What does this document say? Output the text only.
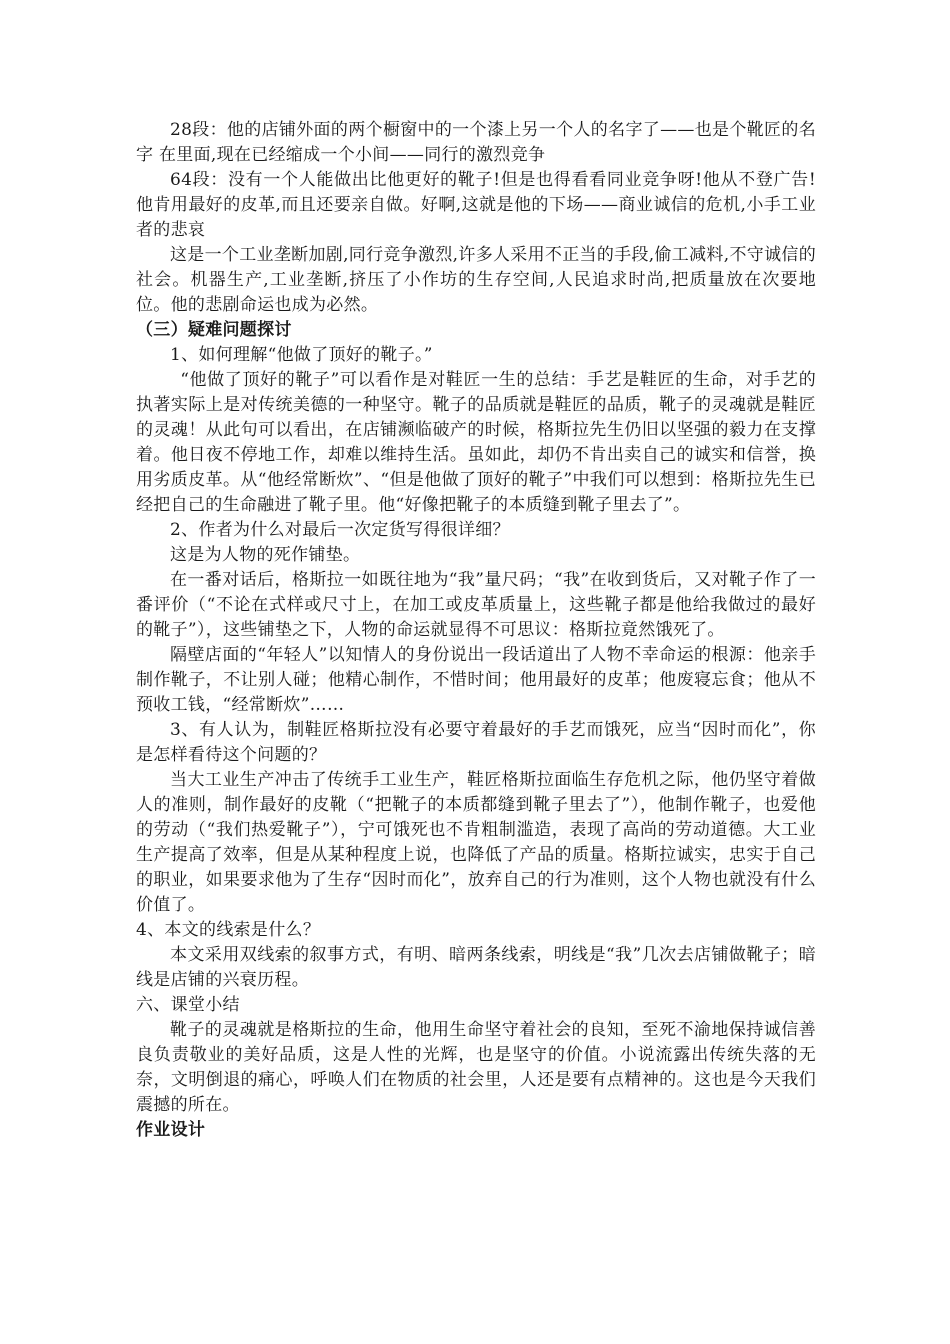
28段：他的店铺外面的两个橱窗中的一个漆上另一个人的名字了——也是个靴匠的名字 在里面,现在已经缩成一个小间——同行的激烈竞争

64段：没有一个人能做出比他更好的靴子!但是也得看看同业竞争呀!他从不登广告!他肯用最好的皮革,而且还要亲自做。好啊,这就是他的下场——商业诚信的危机,小手工业者的悲哀

这是一个工业垄断加剧,同行竞争激烈,许多人采用不正当的手段,偷工减料,不守诚信的社会。机器生产,工业垄断,挤压了小作坊的生存空间,人民追求时尚,把质量放在次要地位。他的悲剧命运也成为必然。

（三）疑难问题探讨

1、如何理解“他做了顶好的靴子。”

“他做了顶好的靴子”可以看作是对鞋匠一生的总结：手艺是鞋匠的生命，对手艺的执著实际上是对传统美德的一种坚守。靴子的品质就是鞋匠的品质，靴子的灵魂就是鞋匠的灵魂！从此句可以看出，在店铺濒临破产的时候，格斯拉先生仍旧以坚强的毅力在支撑着。他日夜不停地工作，却难以维持生活。虽如此，却仍不肯出卖自己的诚实和信誉，换用劣质皮革。从“他经常断炊”、“但是他做了顶好的靴子”中我们可以想到：格斯拉先生已经把自己的生命融进了靴子里。他“好像把靴子的本质缝到靴子里去了”。

2、作者为什么对最后一次定货写得很详细？

这是为人物的死作铺垫。

在一番对话后，格斯拉一如既往地为“我”量尺码；“我”在收到货后，又对靴子作了一番评价（“不论在式样或尺寸上，在加工或皮革质量上，这些靴子都是他给我做过的最好的靴子”），这些铺垫之下，人物的命运就显得不可思议：格斯拉竟然饿死了。

隔壁店面的“年轻人”以知情人的身份说出一段话道出了人物不幸命运的根源：他亲手制作靴子，不让别人碰；他精心制作，不惜时间；他用最好的皮革；他废寝忘食；他从不预收工钱，“经常断炊”……

3、有人认为，制鞋匠格斯拉没有必要守着最好的手艺而饿死，应当“因时而化”，你是怎样看待这个问题的？

当大工业生产冲击了传统手工业生产，鞋匠格斯拉面临生存危机之际，他仍坚守着做人的准则，制作最好的皮靴（“把靴子的本质都缝到靴子里去了”），他制作靴子，也爱他的劳动（“我们热爱靴子”），宁可饿死也不肯粗制滥造，表现了高尚的劳动道德。大工业生产提高了效率，但是从某种程度上说，也降低了产品的质量。格斯拉诚实，忠实于自己的职业，如果要求他为了生存“因时而化”，放弃自己的行为准则，这个人物也就没有什么价值了。

4、本文的线索是什么？

本文采用双线索的叙事方式，有明、暗两条线索，明线是“我”几次去店铺做靴子；暗线是店铺的兴衰历程。

六、课堂小结

靴子的灵魂就是格斯拉的生命，他用生命坚守着社会的良知，至死不渝地保持诚信善良负责敬业的美好品质，这是人性的光辉，也是坚守的价值。小说流露出传统失落的无奈，文明倒退的痛心，呼唤人们在物质的社会里，人还是要有点精神的。这也是今天我们震撼的所在。

作业设计
